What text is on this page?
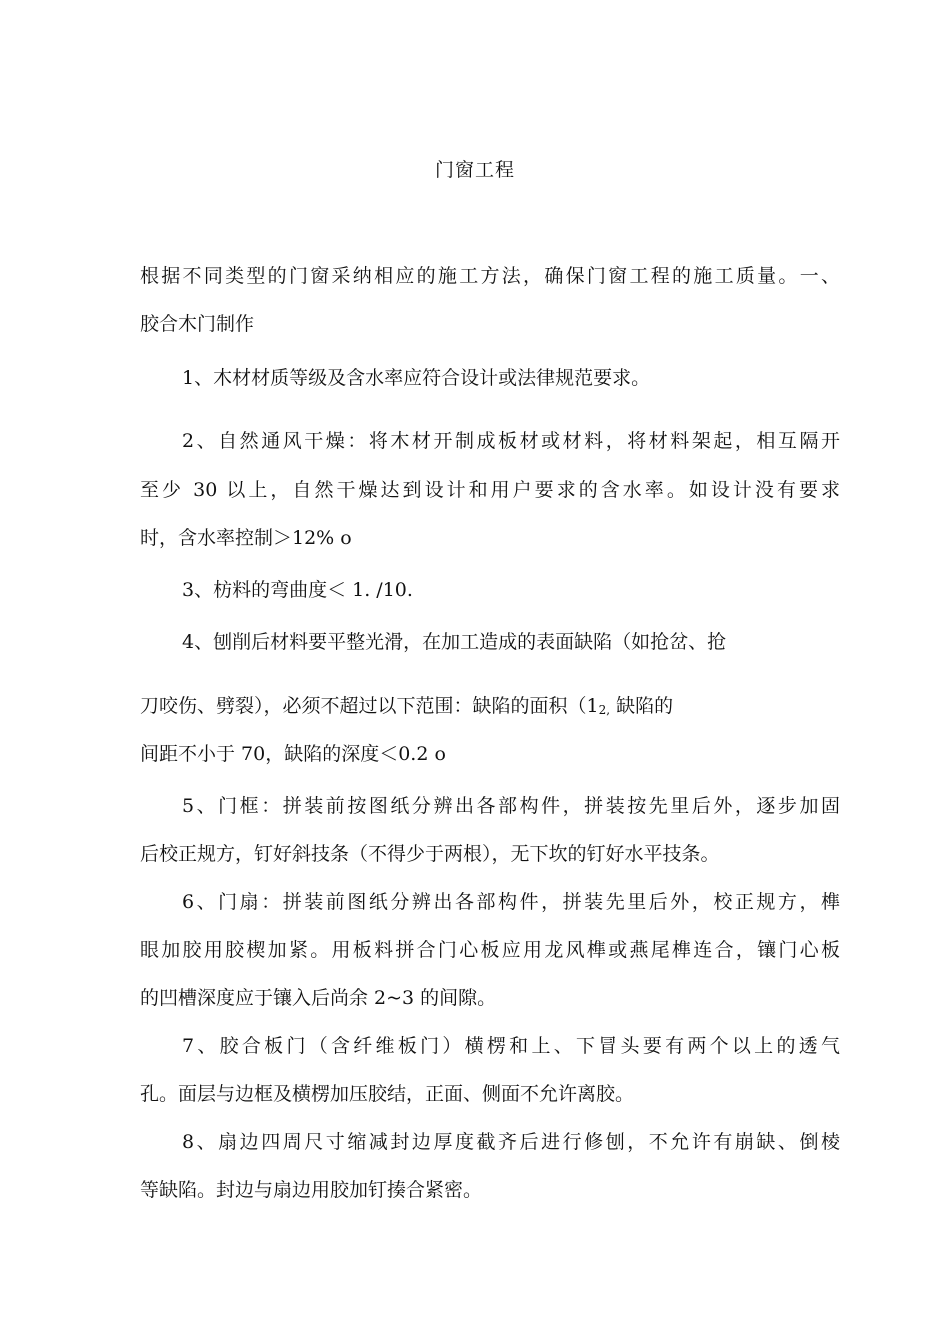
门窗工程
根据不同类型的门窗采纳相应的施工方法，确保门窗工程的施工质量。一、
胶合木门制作
1、木材材质等级及含水率应符合设计或法律规范要求。
2、自然通风干燥：将木材开制成板材或材料，将材料架起，相互隔开
至少 30 以上，自然干燥达到设计和用户要求的含水率。如设计没有要求
时，含水率控制＞12% o
3、枋料的弯曲度＜ 1. /10.
4、刨削后材料要平整光滑，在加工造成的表面缺陷（如抢岔、抢
刀咬伤、劈裂），必须不超过以下范围：缺陷的面积（$1_{2,}$ 缺陷的
间距不小于 70，缺陷的深度＜0.2 o
5、门框：拼装前按图纸分辨出各部构件，拼装按先里后外，逐步加固
后校正规方，钉好斜技条（不得少于两根），无下坎的钉好水平技条。
6、门扇：拼装前图纸分辨出各部构件，拼装先里后外，校正规方，榫
眼加胶用胶楔加紧。用板料拼合门心板应用龙风榫或燕尾榫连合，镶门心板
的凹槽深度应于镶入后尚余 2~3 的间隙。
7、胶合板门（含纤维板门）横楞和上、下冒头要有两个以上的透气
孔。面层与边框及横楞加压胶结，正面、侧面不允许离胶。
8、扇边四周尺寸缩减封边厚度截齐后进行修刨，不允许有崩缺、倒棱
等缺陷。封边与扇边用胶加钉揍合紧密。
